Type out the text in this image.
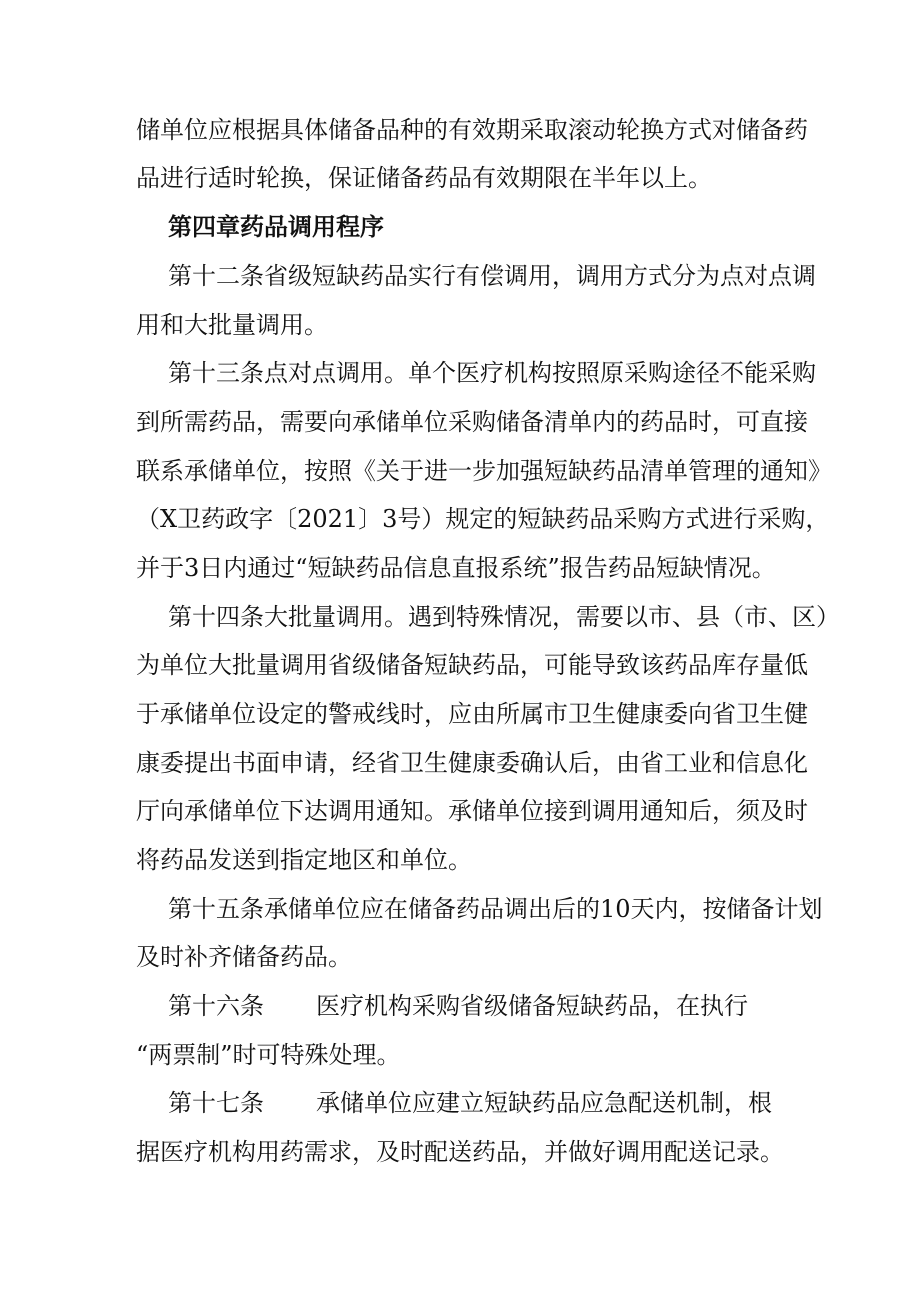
储单位应根据具体储备品种的有效期采取滚动轮换方式对储备药
品进行适时轮换，保证储备药品有效期限在半年以上。
第四章药品调用程序
第十二条省级短缺药品实行有偿调用，调用方式分为点对点调
用和大批量调用。
第十三条点对点调用。单个医疗机构按照原采购途径不能采购
到所需药品，需要向承储单位采购储备清单内的药品时，可直接
联系承储单位，按照《关于进一步加强短缺药品清单管理的通知》
（X卫药政字〔2021〕3号）规定的短缺药品采购方式进行采购，
并于3日内通过“短缺药品信息直报系统”报告药品短缺情况。
第十四条大批量调用。遇到特殊情况，需要以市、县（市、区）
为单位大批量调用省级储备短缺药品，可能导致该药品库存量低
于承储单位设定的警戒线时，应由所属市卫生健康委向省卫生健
康委提出书面申请，经省卫生健康委确认后，由省工业和信息化
厅向承储单位下达调用通知。承储单位接到调用通知后，须及时
将药品发送到指定地区和单位。
第十五条承储单位应在储备药品调出后的10天内，按储备计划
及时补齐储备药品。
第十六条 医疗机构采购省级储备短缺药品，在执行
“两票制”时可特殊处理。
第十七条 承储单位应建立短缺药品应急配送机制，根
据医疗机构用药需求，及时配送药品，并做好调用配送记录。
